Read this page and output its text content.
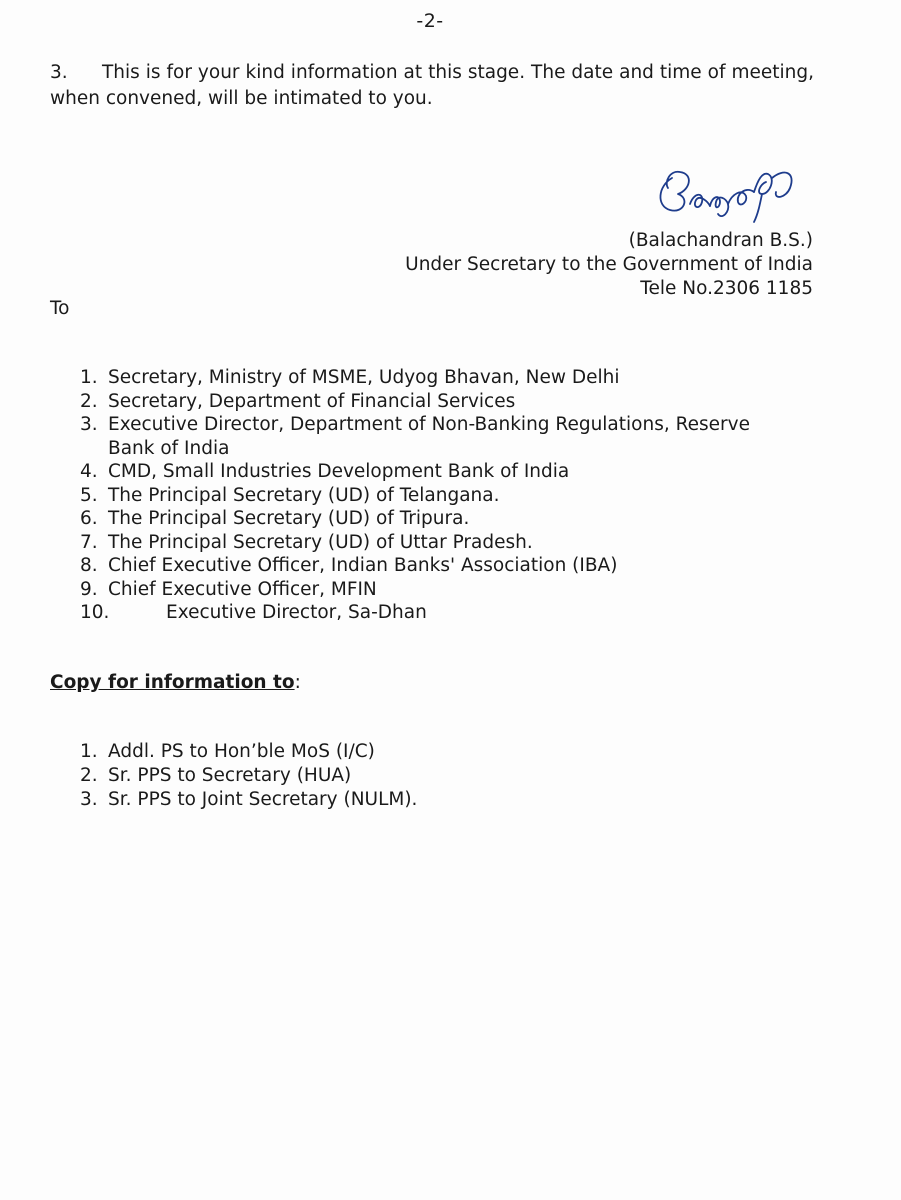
-2-
3. This is for your kind information at this stage. The date and time of meeting, when convened, will be intimated to you.
(Balachandran B.S.)
Under Secretary to the Government of India
Tele No.2306 1185
To
1. Secretary, Ministry of MSME, Udyog Bhavan, New Delhi
2. Secretary, Department of Financial Services
3. Executive Director, Department of Non-Banking Regulations, Reserve Bank of India
4. CMD, Small Industries Development Bank of India
5. The Principal Secretary (UD) of Telangana.
6. The Principal Secretary (UD) of Tripura.
7. The Principal Secretary (UD) of Uttar Pradesh.
8. Chief Executive Officer, Indian Banks' Association (IBA)
9. Chief Executive Officer, MFIN
10.	Executive Director, Sa-Dhan
Copy for information to:
1. Addl. PS to Hon’ble MoS (I/C)
2. Sr. PPS to Secretary (HUA)
3. Sr. PPS to Joint Secretary (NULM).
